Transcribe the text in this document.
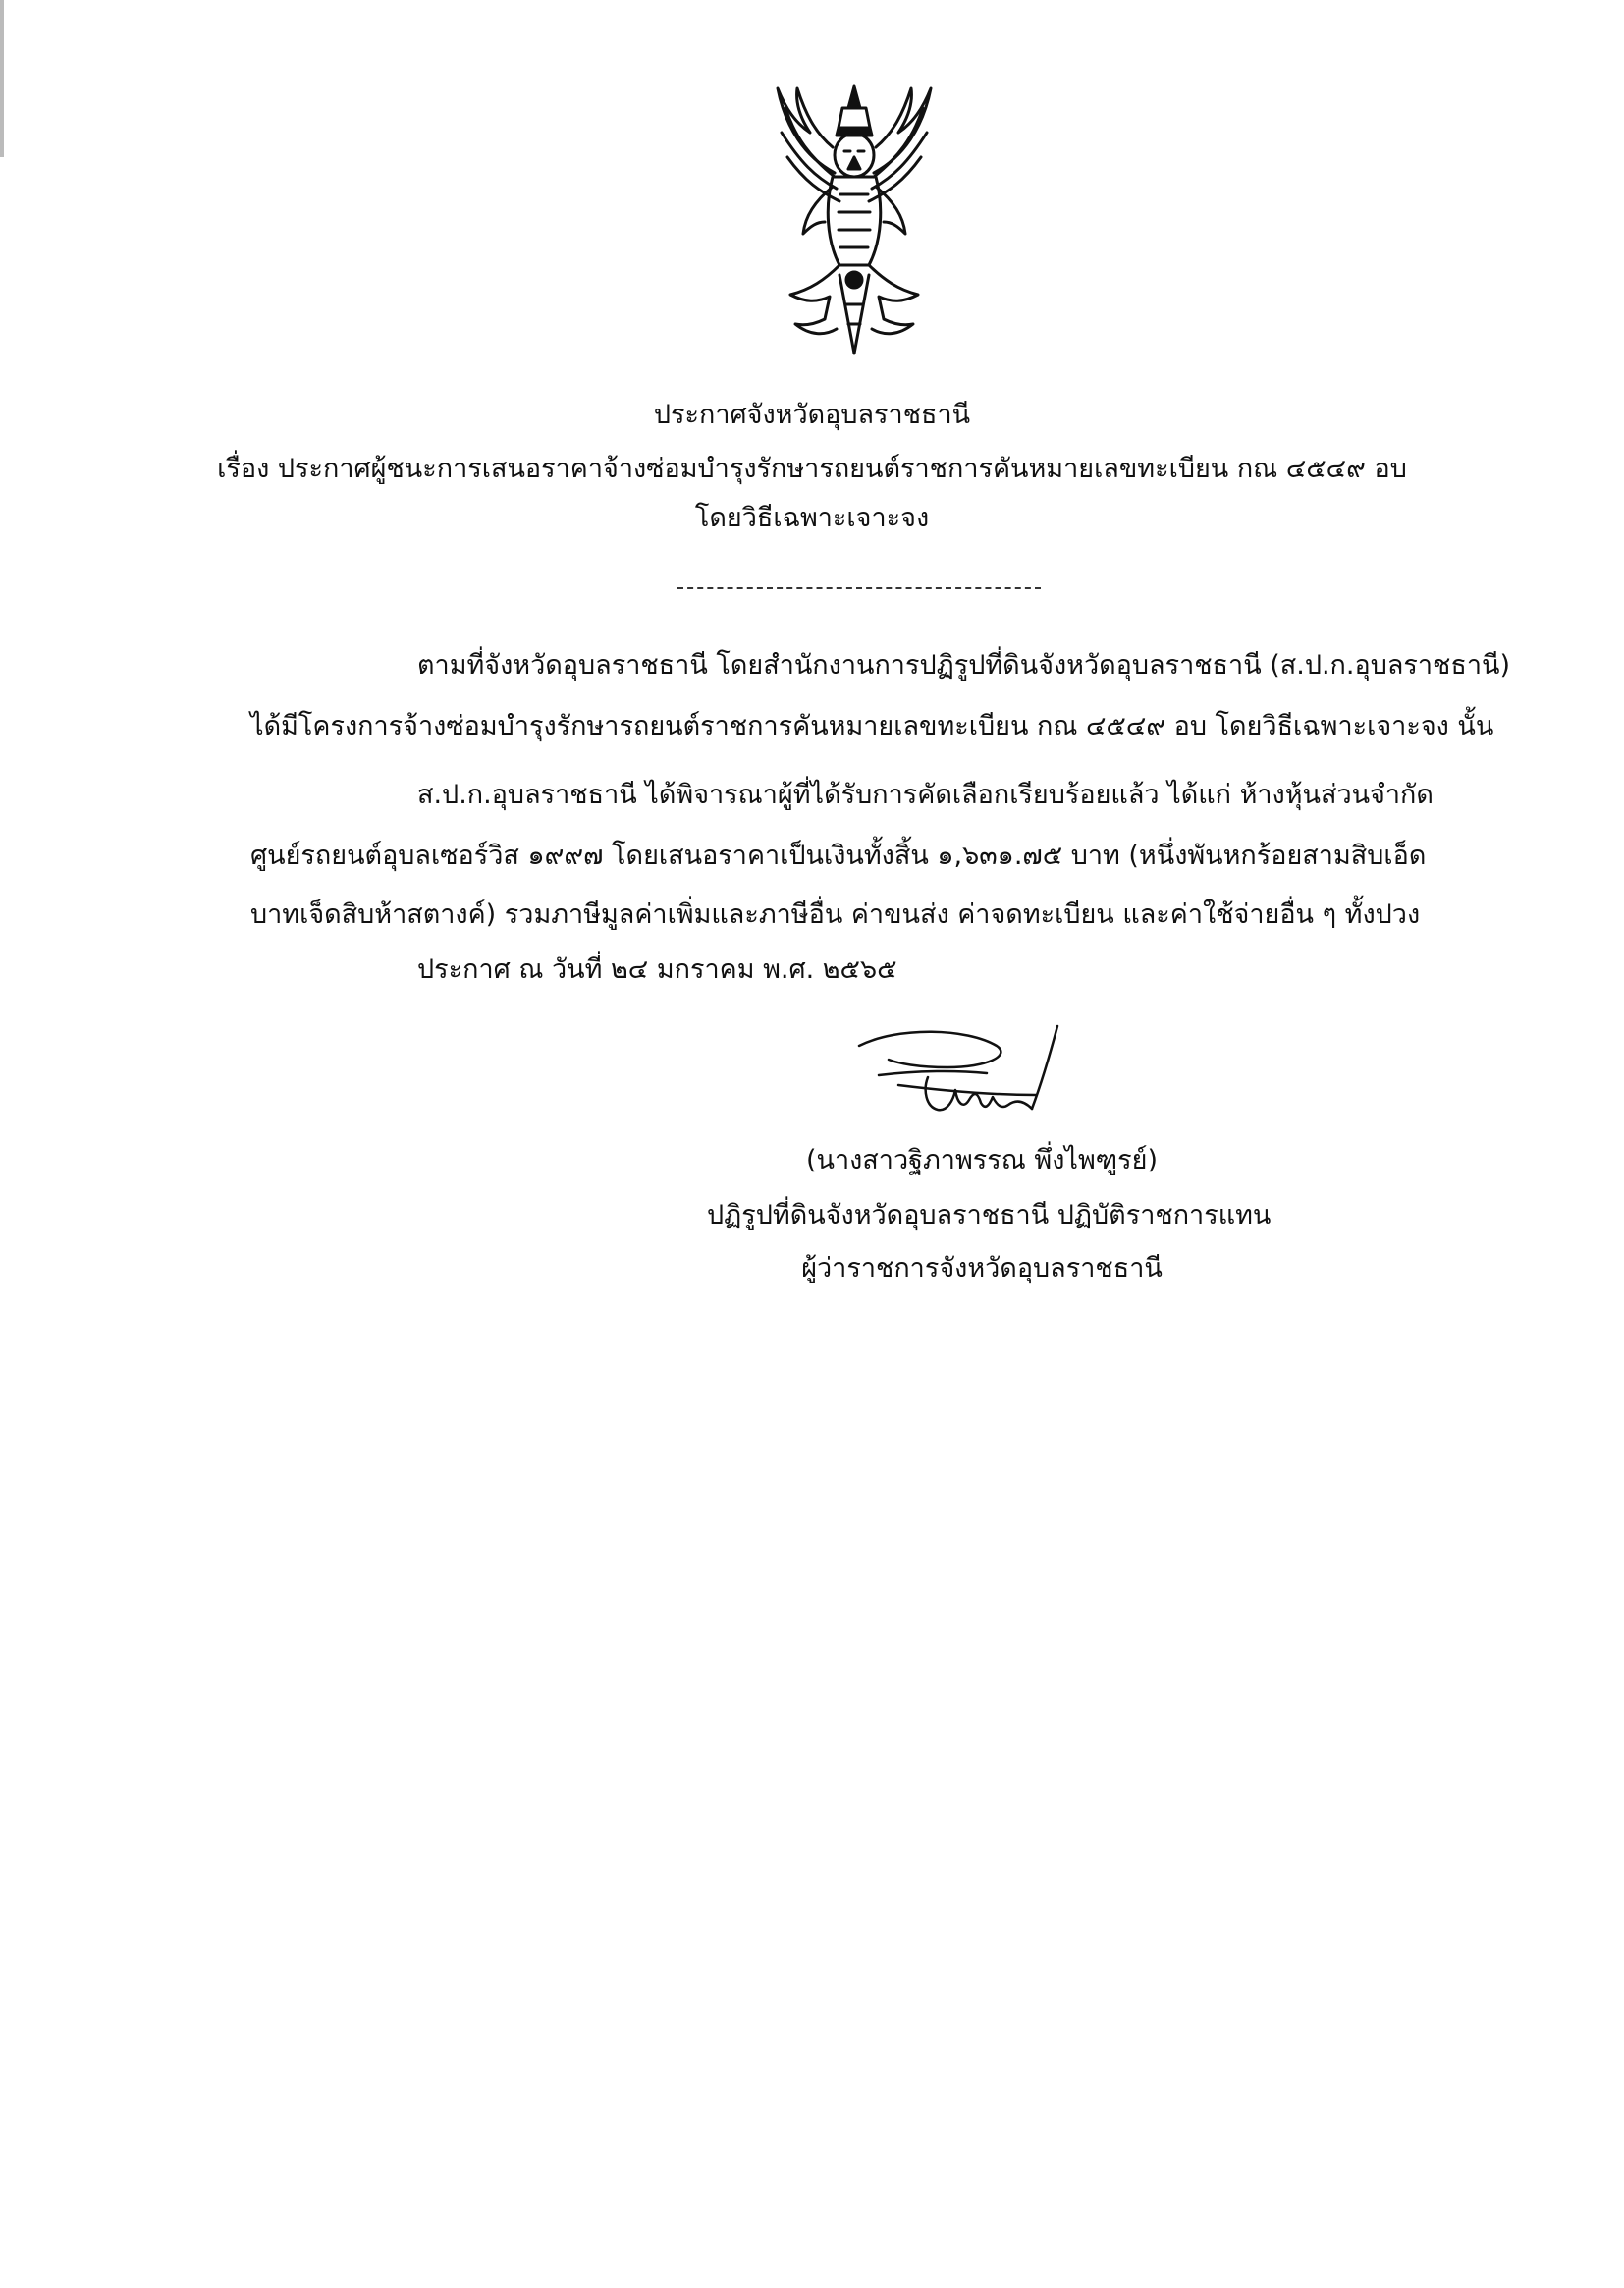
ประกาศจังหวัดอุบลราชธานี
เรื่อง ประกาศผู้ชนะการเสนอราคาจ้างซ่อมบำรุงรักษารถยนต์ราชการคันหมายเลขทะเบียน กณ ๔๕๔๙ อบ
โดยวิธีเฉพาะเจาะจง
ตามที่จังหวัดอุบลราชธานี โดยสำนักงานการปฏิรูปที่ดินจังหวัดอุบลราชธานี (ส.ป.ก.อุบลราชธานี)
ได้มีโครงการจ้างซ่อมบำรุงรักษารถยนต์ราชการคันหมายเลขทะเบียน กณ ๔๕๔๙ อบ โดยวิธีเฉพาะเจาะจง นั้น
ส.ป.ก.อุบลราชธานี ได้พิจารณาผู้ที่ได้รับการคัดเลือกเรียบร้อยแล้ว ได้แก่ ห้างหุ้นส่วนจำกัด
ศูนย์รถยนต์อุบลเซอร์วิส ๑๙๙๗ โดยเสนอราคาเป็นเงินทั้งสิ้น ๑,๖๓๑.๗๕ บาท (หนึ่งพันหกร้อยสามสิบเอ็ด
บาทเจ็ดสิบห้าสตางค์) รวมภาษีมูลค่าเพิ่มและภาษีอื่น ค่าขนส่ง ค่าจดทะเบียน และค่าใช้จ่ายอื่น ๆ ทั้งปวง
ประกาศ ณ วันที่ ๒๔ มกราคม พ.ศ. ๒๕๖๕
(นางสาวฐิภาพรรณ พึ่งไพฑูรย์)
ปฏิรูปที่ดินจังหวัดอุบลราชธานี ปฏิบัติราชการแทน
ผู้ว่าราชการจังหวัดอุบลราชธานี
